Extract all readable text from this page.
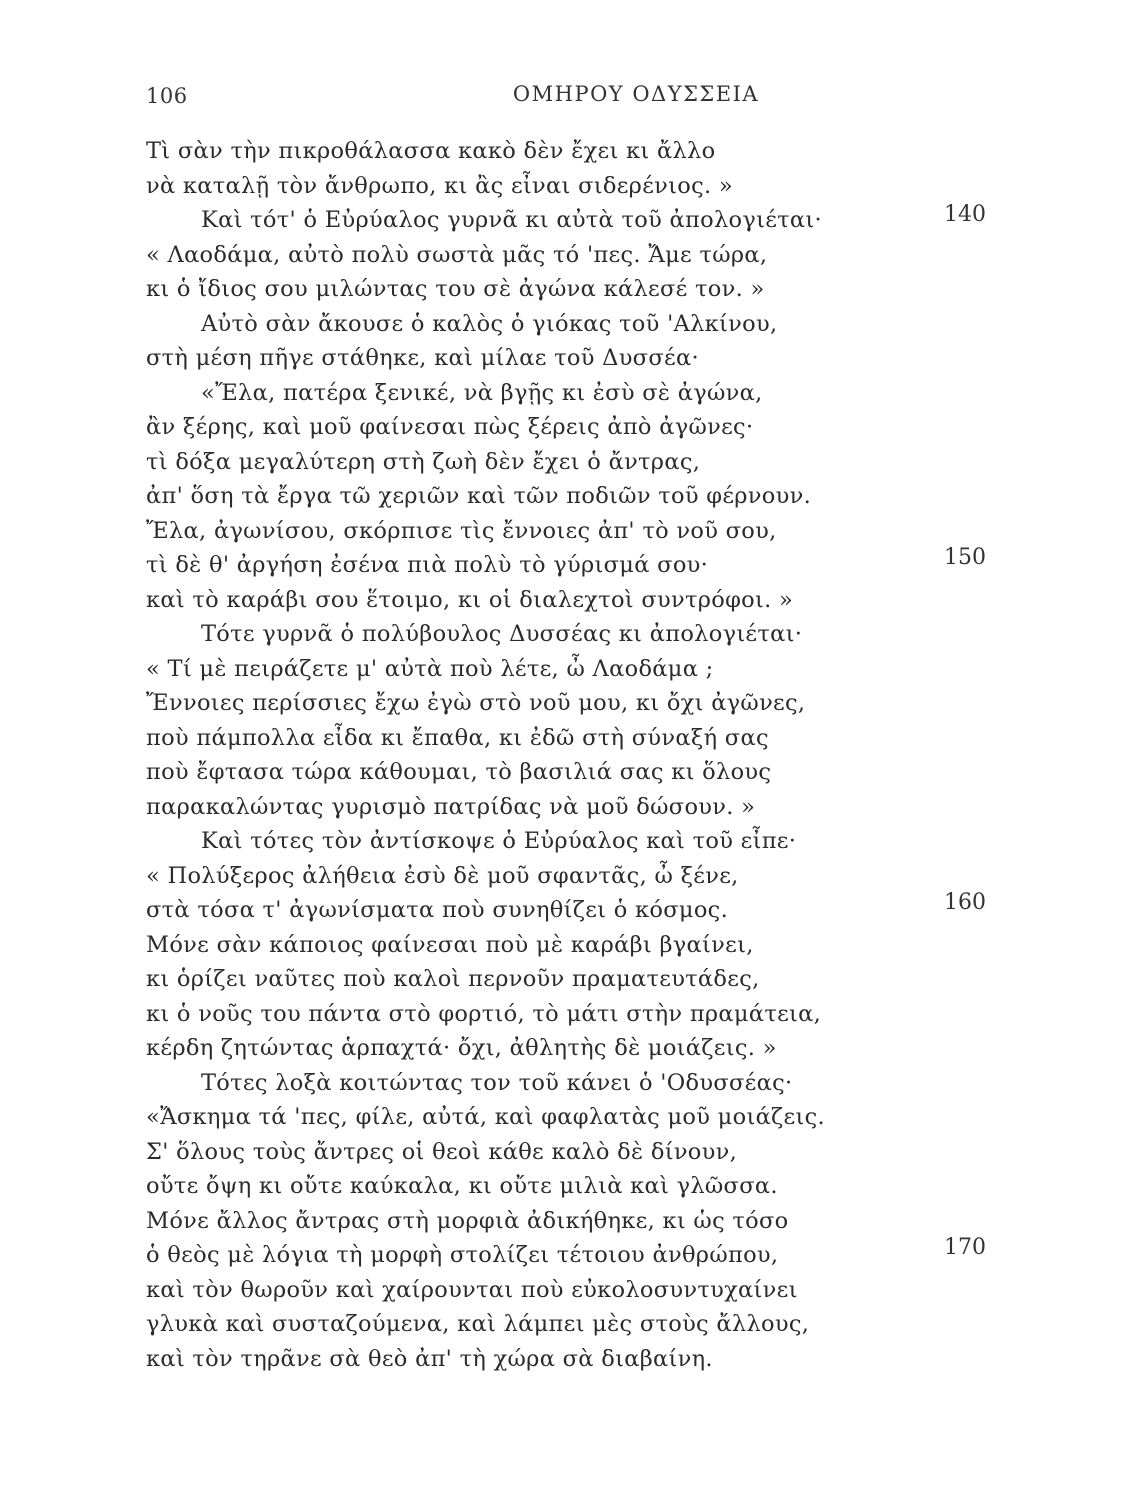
106	ΟΜΗΡΟΥ ΟΔΥΣΣΕΙΑ
Τὶ σὰν τὴν πικροθάλασσα κακὸ δὲν ἔχει κι ἄλλο
νὰ καταλῇ τὸν ἄνθρωπο, κι ἂς εἶναι σιδερένιος. »
Καὶ τότ' ὁ Εὐρύαλος γυρνᾶ κι αὐτὰ τοῦ ἀπολογιέται·
« Λαοδάμα, αὐτὸ πολὺ σωστὰ μᾶς τό 'πες. Ἄμε τώρα,
κι ὁ ἴδιος σου μιλώντας του σὲ ἀγώνα κάλεσέ τον. »
Αὐτὸ σὰν ἄκουσε ὁ καλὸς ὁ γιόκας τοῦ 'Αλκίνου,
στὴ μέση πῆγε στάθηκε, καὶ μίλαε τοῦ Δυσσέα·
«Ἔλα, πατέρα ξενικέ, νὰ βγῇς κι ἐσὺ σὲ ἀγώνα,
ἂν ξέρης, καὶ μοῦ φαίνεσαι πὼς ξέρεις ἀπὸ ἀγῶνες·
τὶ δόξα μεγαλύτερη στὴ ζωὴ δὲν ἔχει ὁ ἄντρας,
ἀπ' ὅση τὰ ἔργα τῶ χεριῶν καὶ τῶν ποδιῶν τοῦ φέρνουν.
Ἔλα, ἀγωνίσου, σκόρπισε τὶς ἔννοιες ἀπ' τὸ νοῦ σου,
τὶ δὲ θ' ἀργήση ἐσένα πιὰ πολὺ τὸ γύρισμά σου·
καὶ τὸ καράβι σου ἕτοιμο, κι οἱ διαλεχτοὶ συντρόφοι. »
Τότε γυρνᾶ ὁ πολύβουλος Δυσσέας κι ἀπολογιέται·
« Τί μὲ πειράζετε μ' αὐτὰ ποὺ λέτε, ὦ Λαοδάμα ;
Ἔννοιες περίσσιες ἔχω ἐγὼ στὸ νοῦ μου, κι ὄχι ἀγῶνες,
ποὺ πάμπολλα εἶδα κι ἔπαθα, κι ἐδῶ στὴ σύναξή σας
ποὺ ἔφτασα τώρα κάθουμαι, τὸ βασιλιά σας κι ὅλους
παρακαλώντας γυρισμὸ πατρίδας νὰ μοῦ δώσουν. »
Καὶ τότες τὸν ἀντίσκοψε ὁ Εὐρύαλος καὶ τοῦ εἶπε·
« Πολύξερος ἀλήθεια ἐσὺ δὲ μοῦ σφαντᾶς, ὦ ξένε,
στὰ τόσα τ' ἀγωνίσματα ποὺ συνηθίζει ὁ κόσμος.
Μόνε σὰν κάποιος φαίνεσαι ποὺ μὲ καράβι βγαίνει,
κι ὁρίζει ναῦτες ποὺ καλοὶ περνοῦν πραματευτάδες,
κι ὁ νοῦς του πάντα στὸ φορτιό, τὸ μάτι στὴν πραμάτεια,
κέρδη ζητώντας ἁρπαχτά· ὄχι, ἀθλητὴς δὲ μοιάζεις. »
Τότες λοξὰ κοιτώντας τον τοῦ κάνει ὁ 'Οδυσσέας·
«Ἄσκημα τά 'πες, φίλε, αὐτά, καὶ φαφλατὰς μοῦ μοιάζεις.
Σ' ὅλους τοὺς ἄντρες οἱ θεοὶ κάθε καλὸ δὲ δίνουν,
οὔτε ὄψη κι οὔτε καύκαλα, κι οὔτε μιλιὰ καὶ γλῶσσα.
Μόνε ἄλλος ἄντρας στὴ μορφιὰ ἀδικήθηκε, κι ὡς τόσο
ὁ θεὸς μὲ λόγια τὴ μορφὴ στολίζει τέτοιου ἀνθρώπου,
καὶ τὸν θωροῦν καὶ χαίρουνται ποὺ εὐκολοσυντυχαίνει
γλυκὰ καὶ συσταζούμενα, καὶ λάμπει μὲς στοὺς ἄλλους,
καὶ τὸν τηρᾶνε σὰ θεὸ ἀπ' τὴ χώρα σὰ διαβαίνη.
140
150
160
170
